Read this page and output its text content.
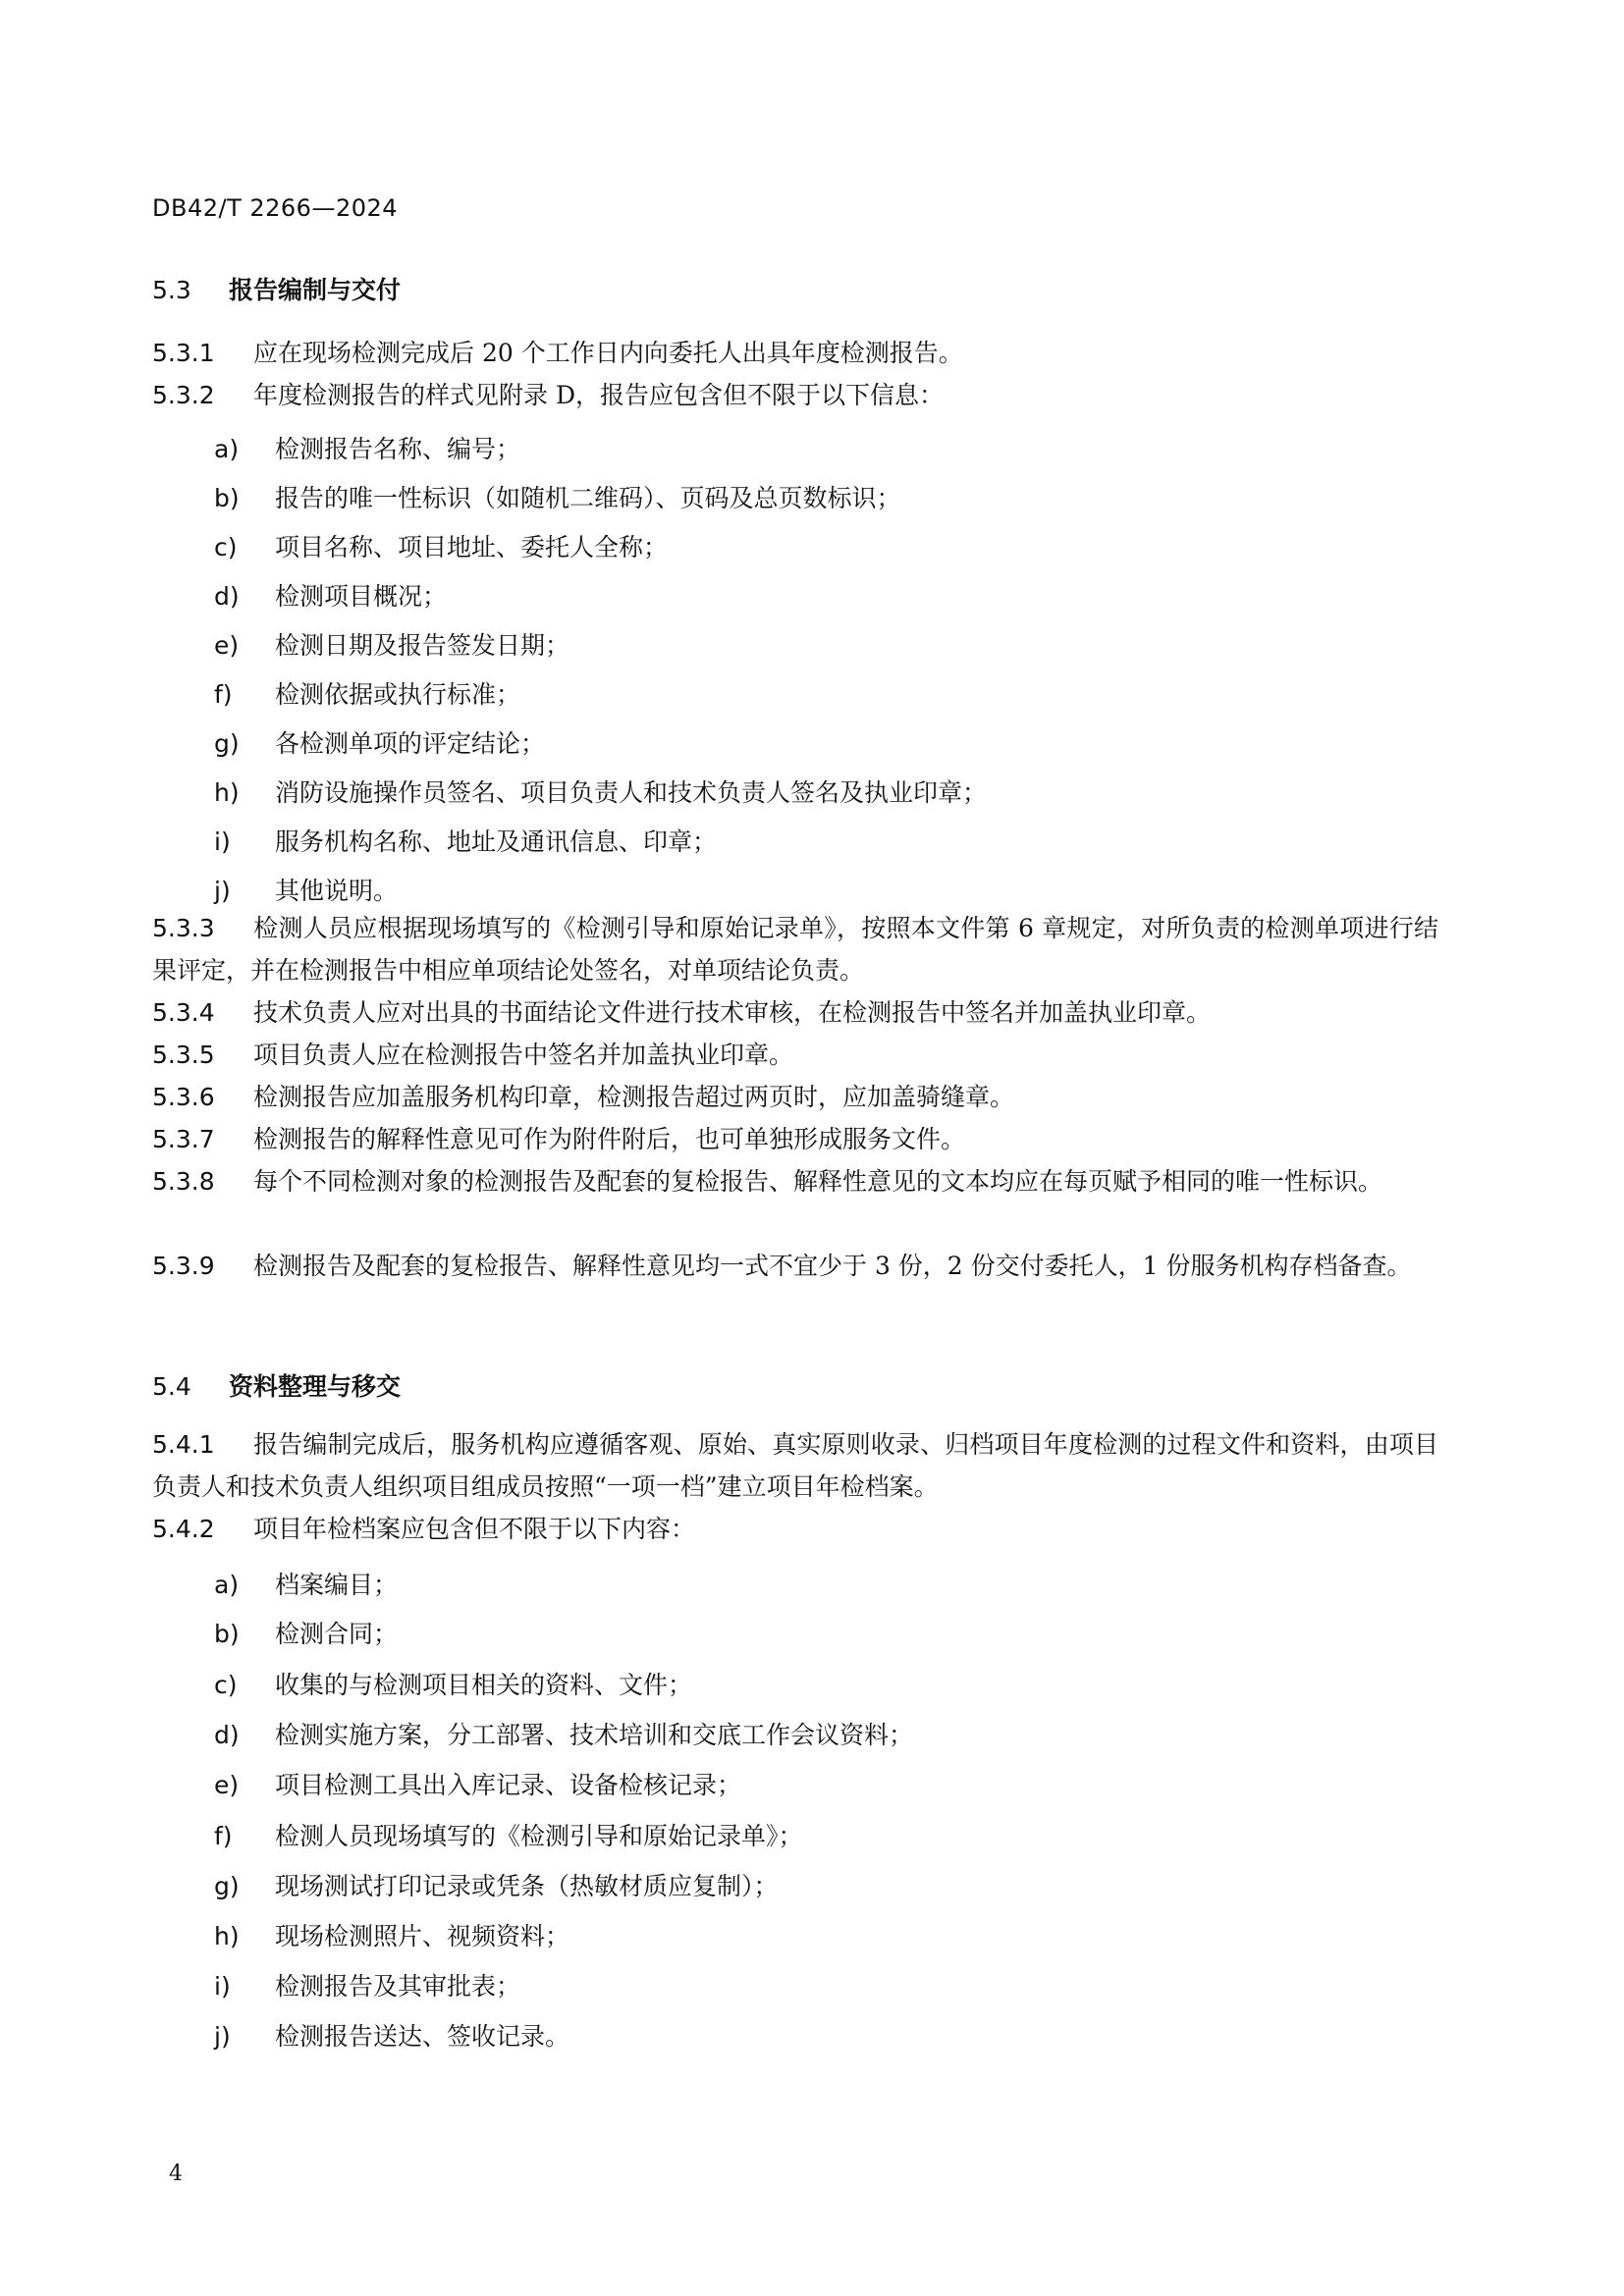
DB42/T 2266—2024
5.3 报告编制与交付
5.3.1 应在现场检测完成后 20 个工作日内向委托人出具年度检测报告。
5.3.2 年度检测报告的样式见附录 D，报告应包含但不限于以下信息：
a) 检测报告名称、编号；
b) 报告的唯一性标识（如随机二维码）、页码及总页数标识；
c) 项目名称、项目地址、委托人全称；
d) 检测项目概况；
e) 检测日期及报告签发日期；
f) 检测依据或执行标准；
g) 各检测单项的评定结论；
h) 消防设施操作员签名、项目负责人和技术负责人签名及执业印章；
i) 服务机构名称、地址及通讯信息、印章；
j) 其他说明。
5.3.3 检测人员应根据现场填写的《检测引导和原始记录单》，按照本文件第 6 章规定，对所负责的检测单项进行结果评定，并在检测报告中相应单项结论处签名，对单项结论负责。
5.3.4 技术负责人应对出具的书面结论文件进行技术审核，在检测报告中签名并加盖执业印章。
5.3.5 项目负责人应在检测报告中签名并加盖执业印章。
5.3.6 检测报告应加盖服务机构印章，检测报告超过两页时，应加盖骑缝章。
5.3.7 检测报告的解释性意见可作为附件附后，也可单独形成服务文件。
5.3.8 每个不同检测对象的检测报告及配套的复检报告、解释性意见的文本均应在每页赋予相同的唯一性标识。
5.3.9 检测报告及配套的复检报告、解释性意见均一式不宜少于 3 份，2 份交付委托人，1 份服务机构存档备查。
5.4 资料整理与移交
5.4.1 报告编制完成后，服务机构应遵循客观、原始、真实原则收录、归档项目年度检测的过程文件和资料，由项目负责人和技术负责人组织项目组成员按照“一项一档”建立项目年检档案。
5.4.2 项目年检档案应包含但不限于以下内容：
a) 档案编目；
b) 检测合同；
c) 收集的与检测项目相关的资料、文件；
d) 检测实施方案，分工部署、技术培训和交底工作会议资料；
e) 项目检测工具出入库记录、设备检核记录；
f) 检测人员现场填写的《检测引导和原始记录单》；
g) 现场测试打印记录或凭条（热敏材质应复制）；
h) 现场检测照片、视频资料；
i) 检测报告及其审批表；
j) 检测报告送达、签收记录。
4
